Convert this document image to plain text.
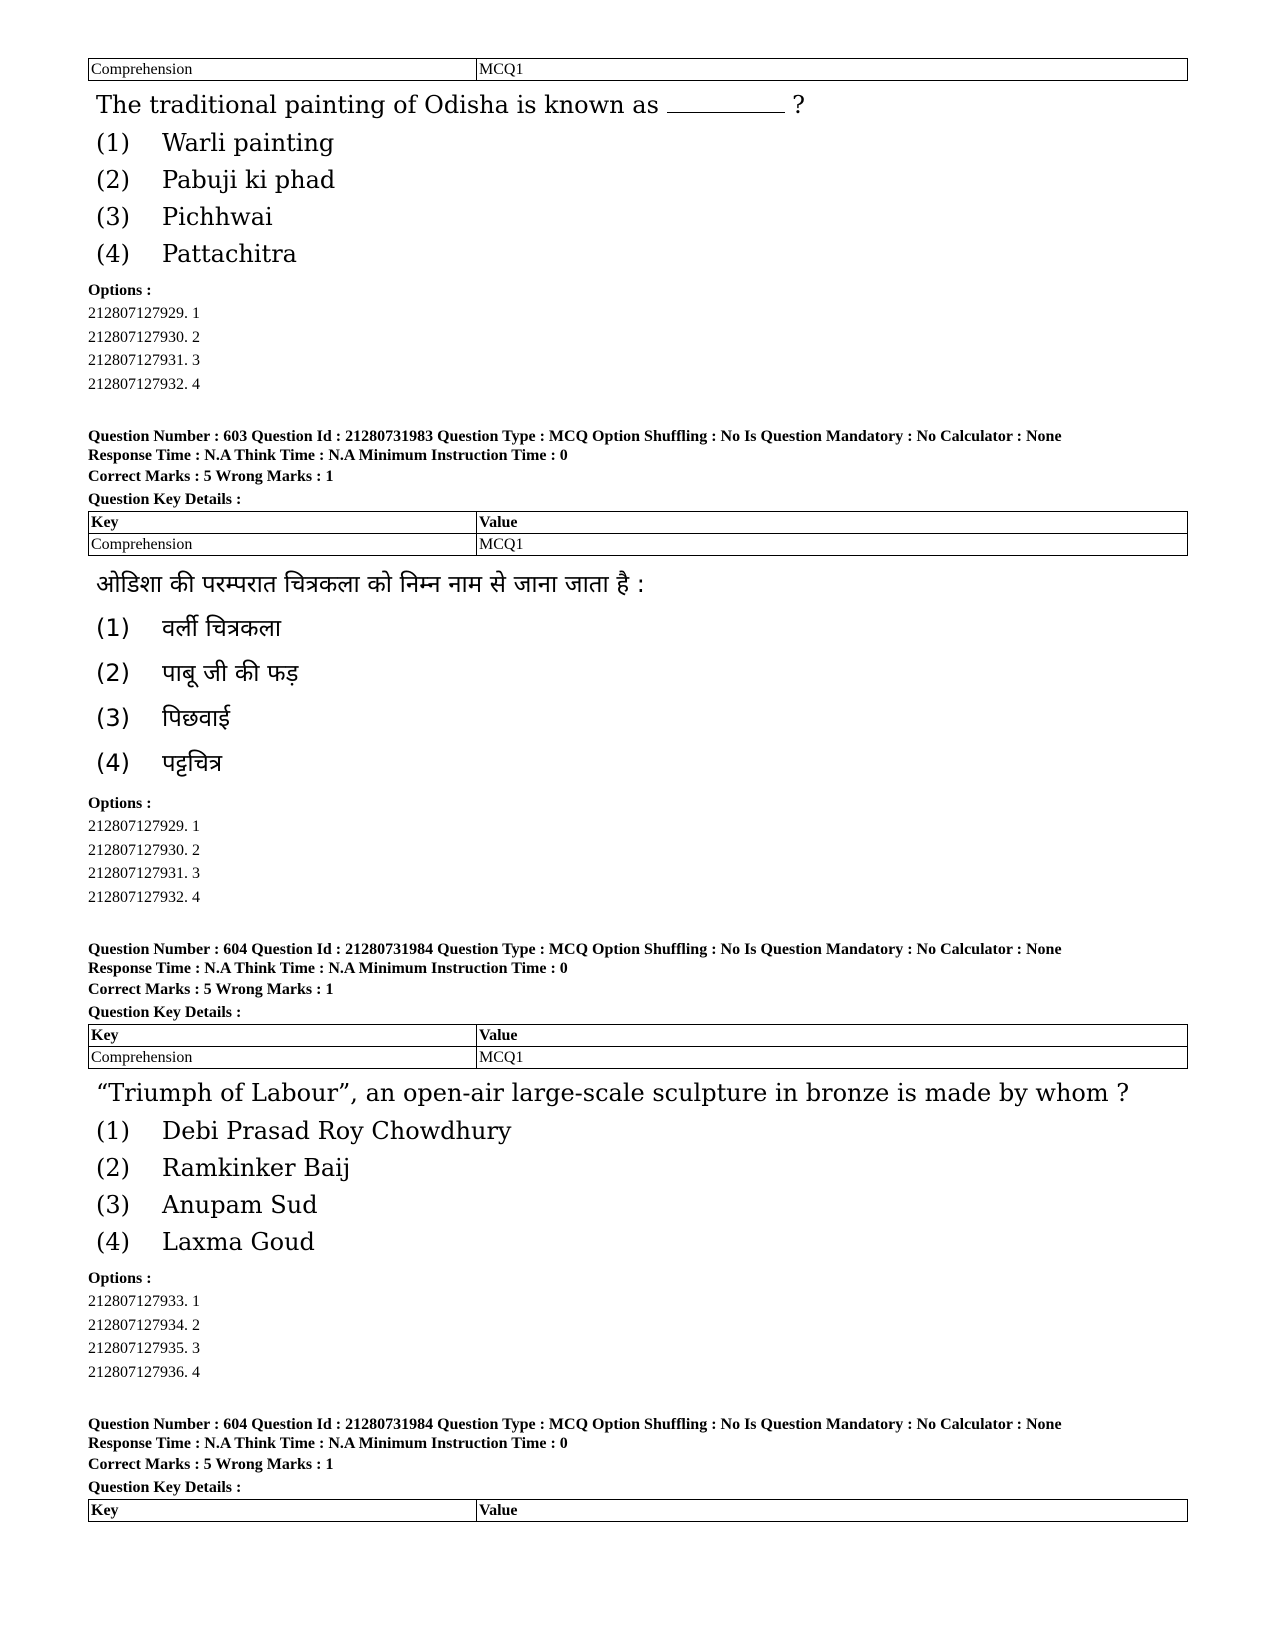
Comprehension	MCQ1
The traditional painting of Odisha is known as	?
(1)	Warli painting
(2)	Pabuji ki phad
(3)	Pichhwai
(4)	Pattachitra
Options :
212807127929. 1
212807127930. 2
212807127931. 3
212807127932. 4
Question Number : 603 Question Id : 21280731983 Question Type : MCQ Option Shuffling : No Is Question Mandatory : No Calculator : None
Response Time : N.A Think Time : N.A Minimum Instruction Time : 0
Correct Marks : 5 Wrong Marks : 1
Question Key Details :
Key	Value
Comprehension	MCQ1
ओडिशा की परम्परात चित्रकला को निम्न नाम से जाना जाता है :
(1)	वर्ली चित्रकला
(2)	पाबू जी की फड़
(3)	पिछवाई
(4)	पट्टचित्र
Options :
212807127929. 1
212807127930. 2
212807127931. 3
212807127932. 4
Question Number : 604 Question Id : 21280731984 Question Type : MCQ Option Shuffling : No Is Question Mandatory : No Calculator : None
Response Time : N.A Think Time : N.A Minimum Instruction Time : 0
Correct Marks : 5 Wrong Marks : 1
Question Key Details :
Key	Value
Comprehension	MCQ1
“Triumph of Labour”, an open-air large-scale sculpture in bronze is made by whom ?
(1)	Debi Prasad Roy Chowdhury
(2)	Ramkinker Baij
(3)	Anupam Sud
(4)	Laxma Goud
Options :
212807127933. 1
212807127934. 2
212807127935. 3
212807127936. 4
Question Number : 604 Question Id : 21280731984 Question Type : MCQ Option Shuffling : No Is Question Mandatory : No Calculator : None
Response Time : N.A Think Time : N.A Minimum Instruction Time : 0
Correct Marks : 5 Wrong Marks : 1
Question Key Details :
Key	Value
